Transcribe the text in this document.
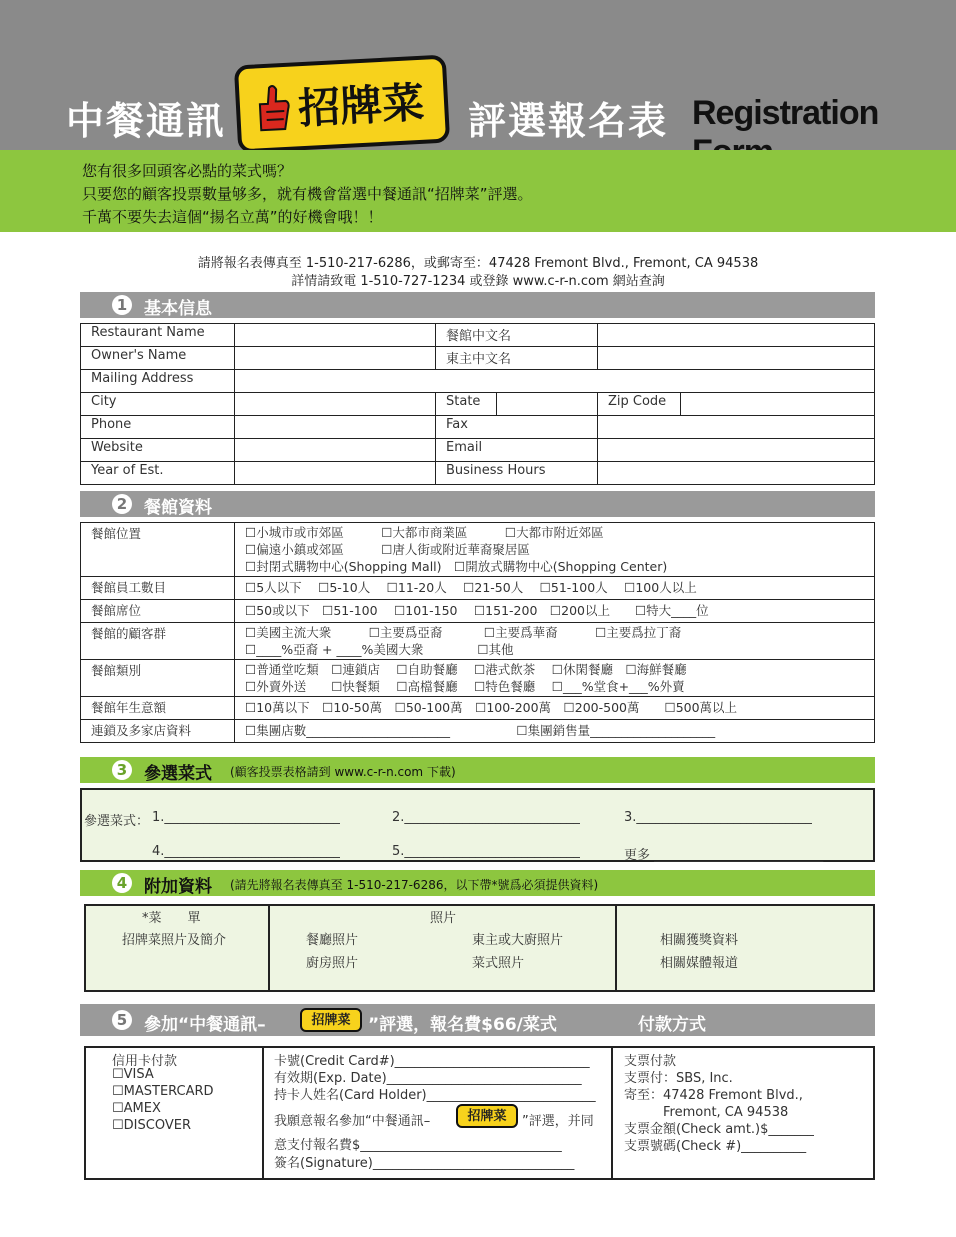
中餐通訊 招牌菜 評選報名表 Registration
您有很多回頭客必點的菜式嗎？
只要您的顧客投票數量够多，就有機會當選中餐通訊“招牌菜”評選。
千萬不要失去這個“揚名立萬”的好機會哦！！
請將報名表傳真至 1-510-217-6286，或郵寄至：47428 Fremont Blvd., Fremont, CA 94538
詳情請致電 1-510-727-1234 或登錄 www.c-r-n.com 網站查詢
1 基本信息
Restaurant Name		餐館中文名			
Owner's Name		東主中文名			
Mailing Address					
City		State		Zip Code	
Phone		Fax			
Website		Email			
Year of Est.		Business Hours			
2 餐館資料
餐館位置	☐小城市或市郊區　　　☐大都市商業區　　　☐大都市附近郊區
☐偏遠小鎮或郊區　　　☐唐人街或附近華裔聚居區
☐封閉式購物中心(Shopping Mall)　☐開放式購物中心(Shopping Center)

餐館員工數目	☐5人以下　 ☐5-10人　 ☐11-20人　 ☐21-50人　 ☐51-100人　 ☐100人以上

餐館席位	☐50或以下　☐51-100　 ☐101-150　 ☐151-200　☐200以上　　☐特大____位

餐館的顧客群	☐美國主流大衆　　　☐主要爲亞裔　　　 ☐主要爲華裔　　　☐主要爲拉丁裔
☐____%亞裔 + ____%美國大衆　　　　 ☐其他

餐館類別	☐普通堂吃類　☐連鎖店　 ☐自助餐廳　 ☐港式飲茶　 ☐休閑餐廳　☐海鮮餐廳
☐外賣外送　　☐快餐類　 ☐高檔餐廳　 ☐特色餐廳　 ☐___%堂食+___%外賣

餐館年生意額	☐10萬以下　☐10-50萬　☐50-100萬　☐100-200萬　☐200-500萬　　☐500萬以上

連鎖及多家店資料	☐集團店數_______________________　　　　　 ☐集團銷售量____________________
3 參選菜式 (顧客投票表格請到 www.c-r-n.com 下載)
參選菜式： 1.___________________________	2.___________________________	3.___________________________
4.___________________________	5.___________________________	更多 __________________________
4 附加資料 (請先將報名表傳真至 1-510-217-6286，以下帶*號爲必須提供資料)
*菜　　單
招牌菜照片及簡介
照片
餐廳照片	東主或大廚照片
廚房照片	菜式照片
相關獲獎資料
相關媒體報道
5 參加“中餐通訊–	招牌菜	”評選，報名費$66/菜式	付款方式
信用卡付款
☐VISA
☐MASTERCARD
☐AMEX
☐DISCOVER
卡號(Credit Card#)______________________________
有效期(Exp. Date)______________________________
持卡人姓名(Card Holder)__________________________
我願意報名參加“中餐通訊–	招牌菜	”評選，并同
意支付報名費$_______________________________
簽名(Signature)_______________________________
支票付款
支票付：SBS, Inc.
寄至：47428 Fremont Blvd.,
　　　Fremont, CA 94538
支票金額(Check amt.)$_______
支票號碼(Check #)__________
